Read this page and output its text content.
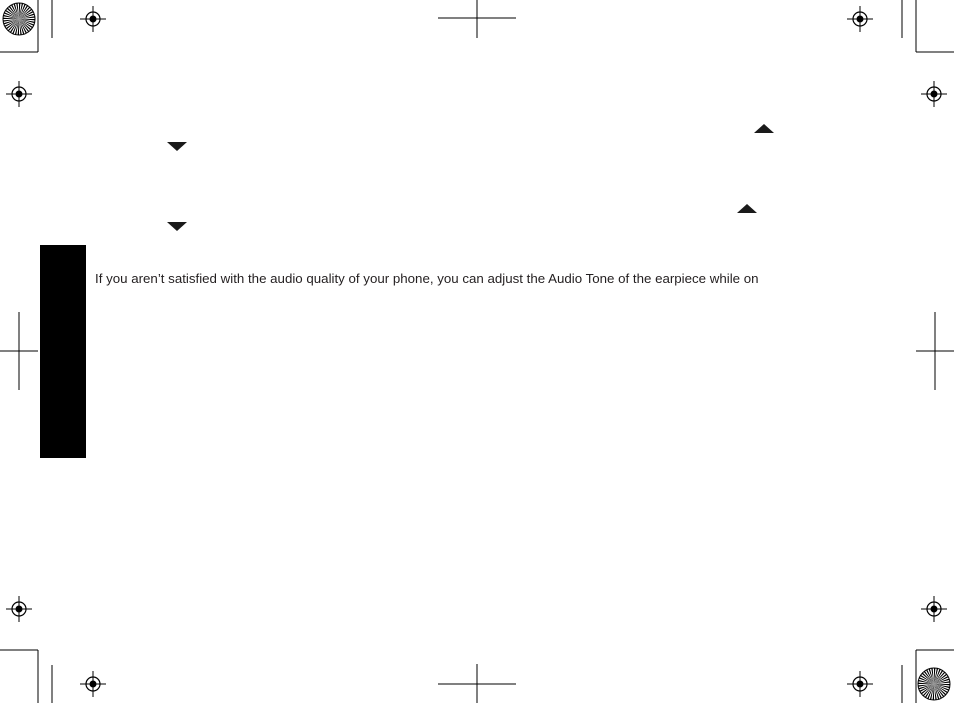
If you aren’t satisfied with the audio quality of your phone, you can adjust the Audio Tone of the earpiece while on
